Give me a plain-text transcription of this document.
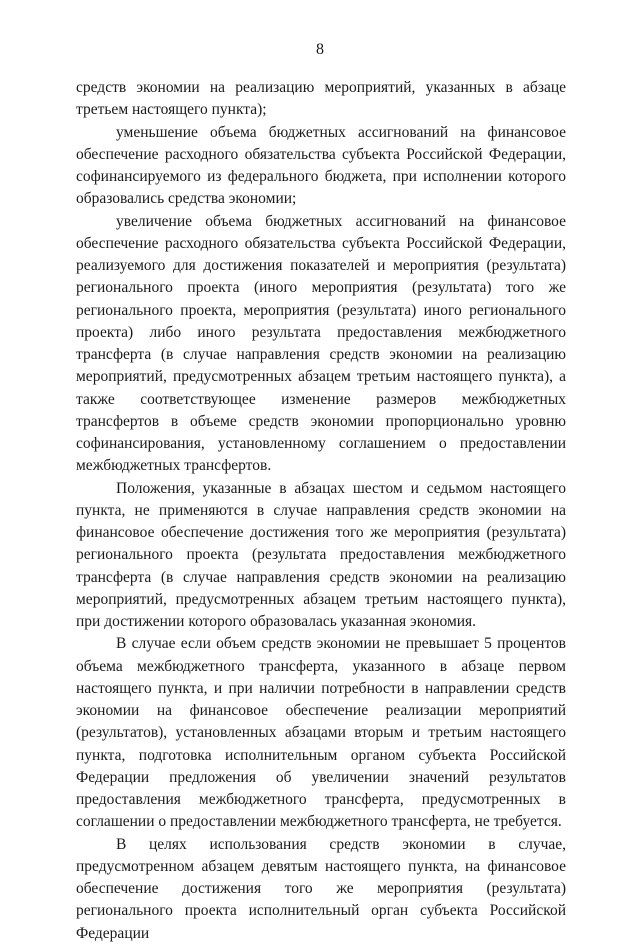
8

средств экономии на реализацию мероприятий, указанных в абзаце третьем настоящего пункта);

уменьшение объема бюджетных ассигнований на финансовое обеспечение расходного обязательства субъекта Российской Федерации, софинансируемого из федерального бюджета, при исполнении которого образовались средства экономии;

увеличение объема бюджетных ассигнований на финансовое обеспечение расходного обязательства субъекта Российской Федерации, реализуемого для достижения показателей и мероприятия (результата) регионального проекта (иного мероприятия (результата) того же регионального проекта, мероприятия (результата) иного регионального проекта) либо иного результата предоставления межбюджетного трансферта (в случае направления средств экономии на реализацию мероприятий, предусмотренных абзацем третьим настоящего пункта), а также соответствующее изменение размеров межбюджетных трансфертов в объеме средств экономии пропорционально уровню софинансирования, установленному соглашением о предоставлении межбюджетных трансфертов.

Положения, указанные в абзацах шестом и седьмом настоящего пункта, не применяются в случае направления средств экономии на финансовое обеспечение достижения того же мероприятия (результата) регионального проекта (результата предоставления межбюджетного трансферта (в случае направления средств экономии на реализацию мероприятий, предусмотренных абзацем третьим настоящего пункта), при достижении которого образовалась указанная экономия.

В случае если объем средств экономии не превышает 5 процентов объема межбюджетного трансферта, указанного в абзаце первом настоящего пункта, и при наличии потребности в направлении средств экономии на финансовое обеспечение реализации мероприятий (результатов), установленных абзацами вторым и третьим настоящего пункта, подготовка исполнительным органом субъекта Российской Федерации предложения об увеличении значений результатов предоставления межбюджетного трансферта, предусмотренных в соглашении о предоставлении межбюджетного трансферта, не требуется.

В целях использования средств экономии в случае, предусмотренном абзацем девятым настоящего пункта, на финансовое обеспечение достижения того же мероприятия (результата) регионального проекта исполнительный орган субъекта Российской Федерации
